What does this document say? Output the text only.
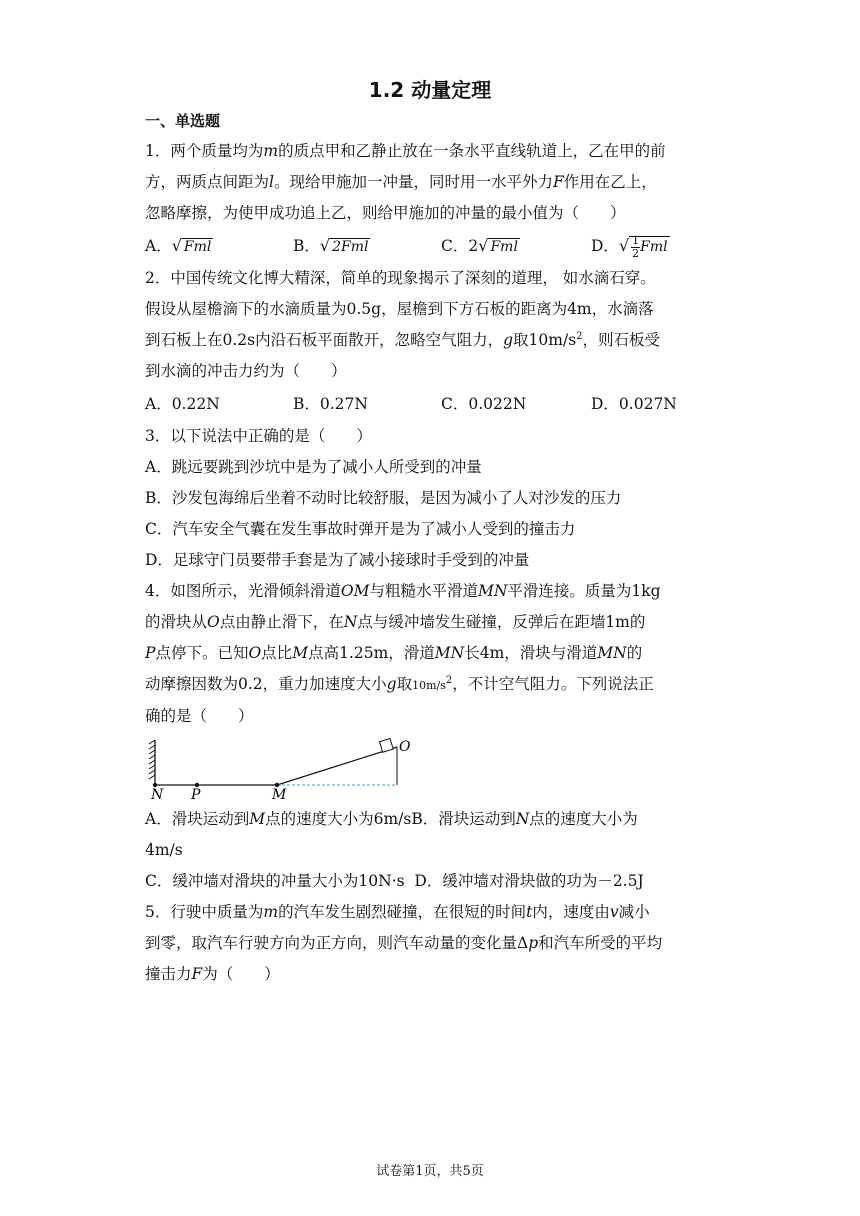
1.2 动量定理
一、单选题

1．两个质量均为m的质点甲和乙静止放在一条水平直线轨道上，乙在甲的前

方，两质点间距为l。现给甲施加一冲量，同时用一水平外力F作用在乙上，

忽略摩擦，为使甲成功追上乙，则给甲施加的冲量的最小值为（　　）

A．√ Fml	B．√ 2Fml	C．2√ Fml	D．√ $\frac{1}{2}$ Fml

2．中国传统文化博大精深，简单的现象揭示了深刻的道理， 如水滴石穿。

假设从屋檐滴下的水滴质量为0.5g，屋檐到下方石板的距离为4m，水滴落

到石板上在0.2s内沿石板平面散开，忽略空气阻力，g取$10m/s^2$，则石板受

到水滴的冲击力约为（　　）

A．0.22N	B．0.27N	C．0.022N	D．0.027N

3．以下说法中正确的是（　　）

A．跳远要跳到沙坑中是为了减小人所受到的冲量

B．沙发包海绵后坐着不动时比较舒服，是因为减小了人对沙发的压力

C．汽车安全气囊在发生事故时弹开是为了减小人受到的撞击力

D．足球守门员要带手套是为了减小接球时手受到的冲量

4．如图所示，光滑倾斜滑道OM与粗糙水平滑道MN平滑连接。质量为1kg

的滑块从O点由静止滑下，在N点与缓冲墙发生碰撞，反弹后在距墙1m的

P点停下。已知O点比M点高1.25m，滑道MN长4m，滑块与滑道MN的

动摩擦因数为0.2，重力加速度大小g取$10m/s^2$，不计空气阻力。下列说法正

确的是（　　）

O
N P	M

A．滑块运动到M点的速度大小为6m/sB．滑块运动到N点的速度大小为

4m/s

C．缓冲墙对滑块的冲量大小为10N·s D．缓冲墙对滑块做的功为－2.5J

5．行驶中质量为m的汽车发生剧烈碰撞，在很短的时间t内，速度由v减小

到零，取汽车行驶方向为正方向，则汽车动量的变化量Δp和汽车所受的平均

撞击力F为（　　）

试卷第1页，共5页
